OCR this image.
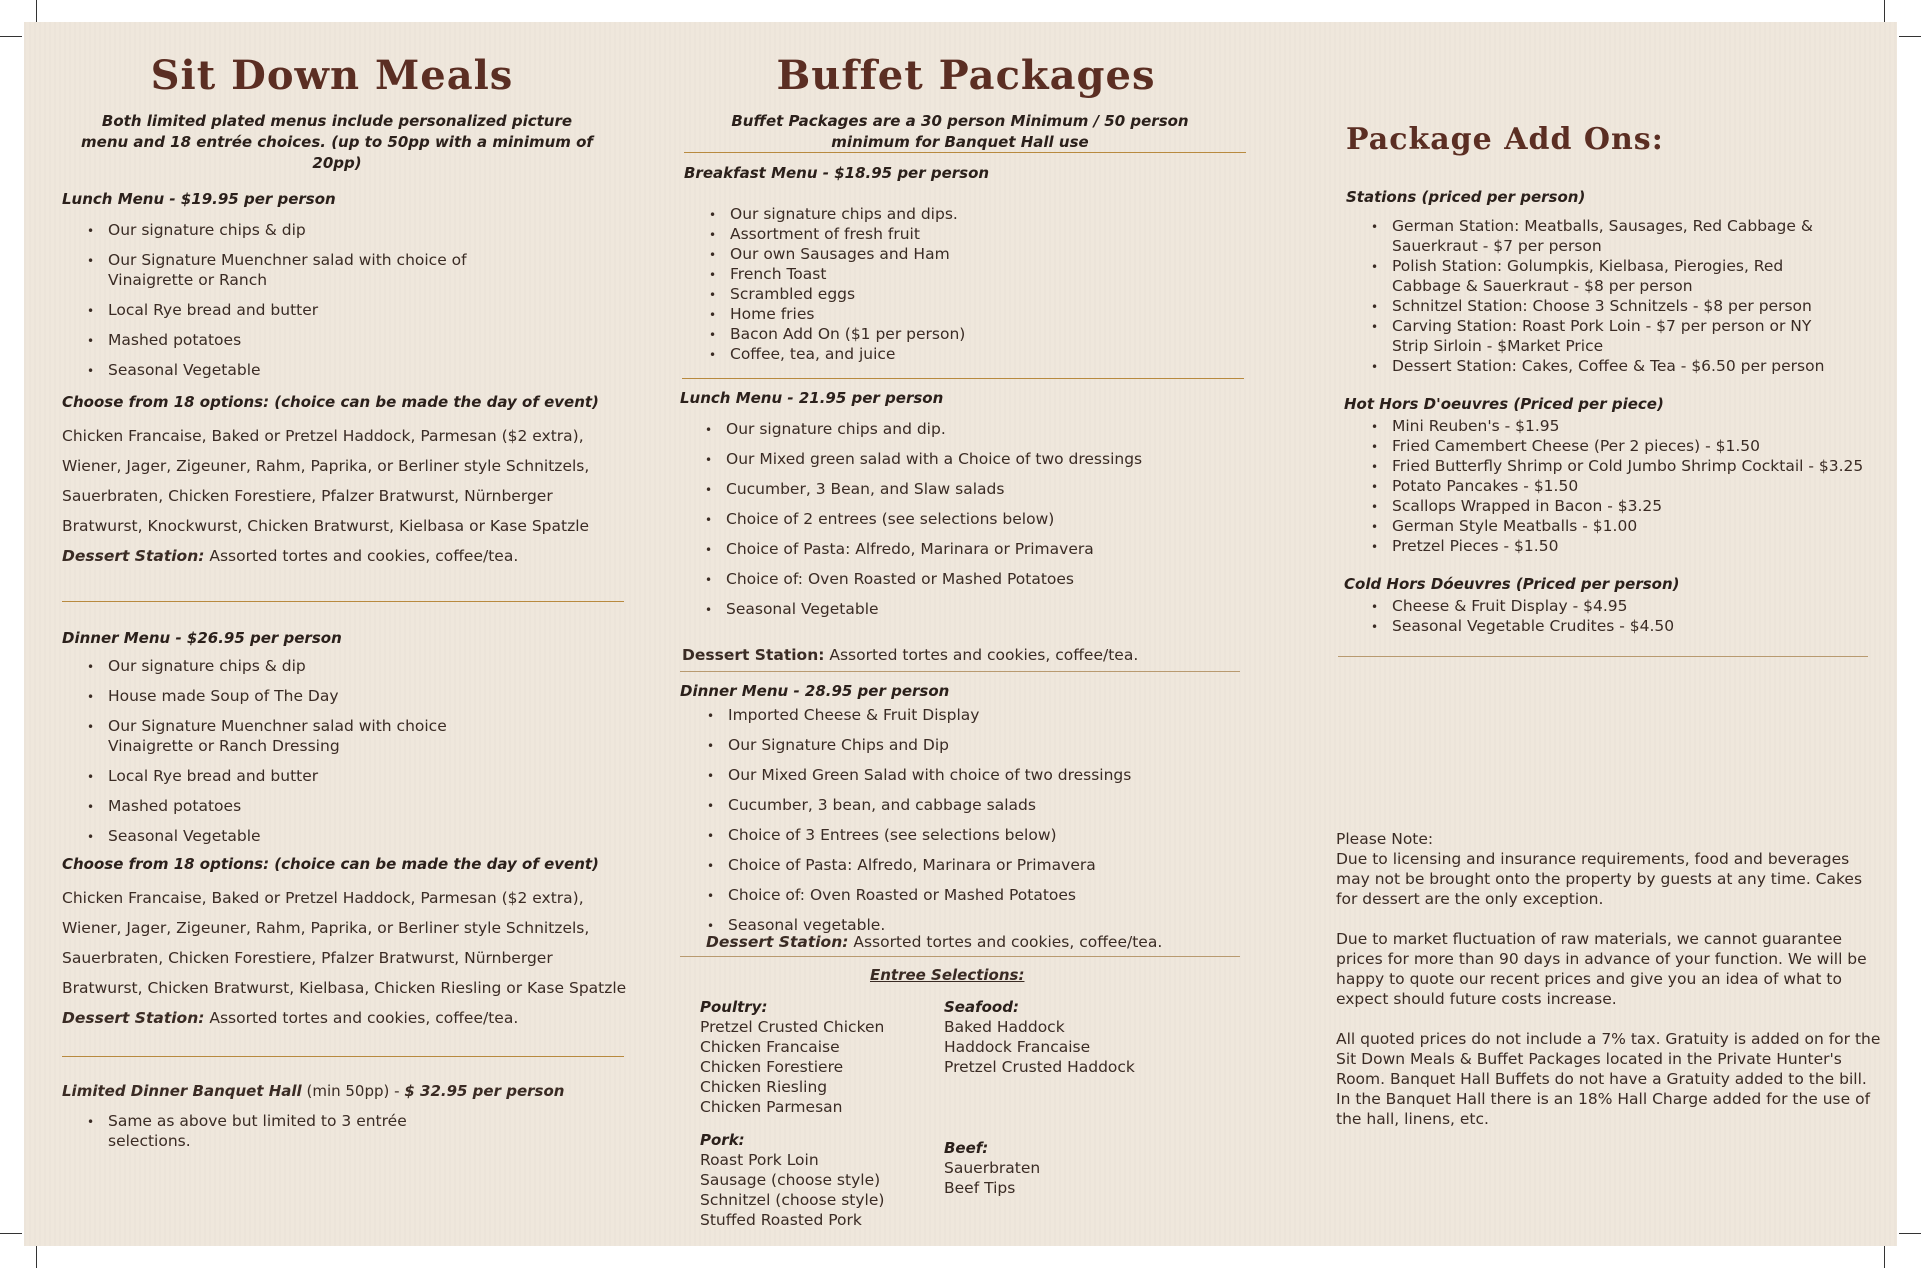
Sit Down Meals
Both limited plated menus include personalized picture menu and 18 entrée choices. (up to 50pp with a minimum of 20pp)
Lunch Menu - $19.95 per person
• Our signature chips & dip
• Our Signature Muenchner salad with choice of Vinaigrette or Ranch
• Local Rye bread and butter
• Mashed potatoes
• Seasonal Vegetable
Choose from 18 options: (choice can be made the day of event)
Chicken Francaise, Baked or Pretzel Haddock, Parmesan ($2 extra),
Wiener, Jager, Zigeuner, Rahm, Paprika, or Berliner style Schnitzels,
Sauerbraten, Chicken Forestiere, Pfalzer Bratwurst, Nürnberger
Bratwurst, Knockwurst, Chicken Bratwurst, Kielbasa or Kase Spatzle
Dessert Station: Assorted tortes and cookies, coffee/tea.
Dinner Menu - $26.95 per person
• Our signature chips & dip
• House made Soup of The Day
• Our Signature Muenchner salad with choice Vinaigrette or Ranch Dressing
• Local Rye bread and butter
• Mashed potatoes
• Seasonal Vegetable
Choose from 18 options: (choice can be made the day of event)
Chicken Francaise, Baked or Pretzel Haddock, Parmesan ($2 extra),
Wiener, Jager, Zigeuner, Rahm, Paprika, or Berliner style Schnitzels,
Sauerbraten, Chicken Forestiere, Pfalzer Bratwurst, Nürnberger
Bratwurst, Chicken Bratwurst, Kielbasa, Chicken Riesling or Kase Spatzle
Dessert Station: Assorted tortes and cookies, coffee/tea.
Limited Dinner Banquet Hall (min 50pp) - $ 32.95 per person
• Same as above but limited to 3 entrée selections.
Buffet Packages
Buffet Packages are a 30 person Minimum / 50 person minimum for Banquet Hall use
Breakfast Menu - $18.95 per person
• Our signature chips and dips.
• Assortment of fresh fruit
• Our own Sausages and Ham
• French Toast
• Scrambled eggs
• Home fries
• Bacon Add On ($1 per person)
• Coffee, tea, and juice
Lunch Menu - 21.95 per person
• Our signature chips and dip.
• Our Mixed green salad with a Choice of two dressings
• Cucumber, 3 Bean, and Slaw salads
• Choice of 2 entrees (see selections below)
• Choice of Pasta: Alfredo, Marinara or Primavera
• Choice of: Oven Roasted or Mashed Potatoes
• Seasonal Vegetable
Dessert Station: Assorted tortes and cookies, coffee/tea.
Dinner Menu - 28.95 per person
• Imported Cheese & Fruit Display
• Our Signature Chips and Dip
• Our Mixed Green Salad with choice of two dressings
• Cucumber, 3 bean, and cabbage salads
• Choice of 3 Entrees (see selections below)
• Choice of Pasta: Alfredo, Marinara or Primavera
• Choice of: Oven Roasted or Mashed Potatoes
• Seasonal vegetable.
Dessert Station: Assorted tortes and cookies, coffee/tea.
Entree Selections:
Poultry:
Pretzel Crusted Chicken
Chicken Francaise
Chicken Forestiere
Chicken Riesling
Chicken Parmesan
Seafood:
Baked Haddock
Haddock Francaise
Pretzel Crusted Haddock
Pork:
Roast Pork Loin
Sausage (choose style)
Schnitzel (choose style)
Stuffed Roasted Pork
Beef:
Sauerbraten
Beef Tips
Package Add Ons:
Stations (priced per person)
• German Station: Meatballs, Sausages, Red Cabbage & Sauerkraut - $7 per person
• Polish Station: Golumpkis, Kielbasa, Pierogies, Red Cabbage & Sauerkraut - $8 per person
• Schnitzel Station: Choose 3 Schnitzels - $8 per person
• Carving Station: Roast Pork Loin - $7 per person or NY Strip Sirloin - $Market Price
• Dessert Station: Cakes, Coffee & Tea - $6.50 per person
Hot Hors D'oeuvres (Priced per piece)
• Mini Reuben's - $1.95
• Fried Camembert Cheese (Per 2 pieces) - $1.50
• Fried Butterfly Shrimp or Cold Jumbo Shrimp Cocktail - $3.25
• Potato Pancakes - $1.50
• Scallops Wrapped in Bacon - $3.25
• German Style Meatballs - $1.00
• Pretzel Pieces - $1.50
Cold Hors Dóeuvres (Priced per person)
• Cheese & Fruit Display - $4.95
• Seasonal Vegetable Crudites - $4.50
Please Note:
Due to licensing and insurance requirements, food and beverages may not be brought onto the property by guests at any time. Cakes for dessert are the only exception.
Due to market fluctuation of raw materials, we cannot guarantee prices for more than 90 days in advance of your function. We will be happy to quote our recent prices and give you an idea of what to expect should future costs increase.
All quoted prices do not include a 7% tax. Gratuity is added on for the Sit Down Meals & Buffet Packages located in the Private Hunter's Room. Banquet Hall Buffets do not have a Gratuity added to the bill. In the Banquet Hall there is an 18% Hall Charge added for the use of the hall, linens, etc.
